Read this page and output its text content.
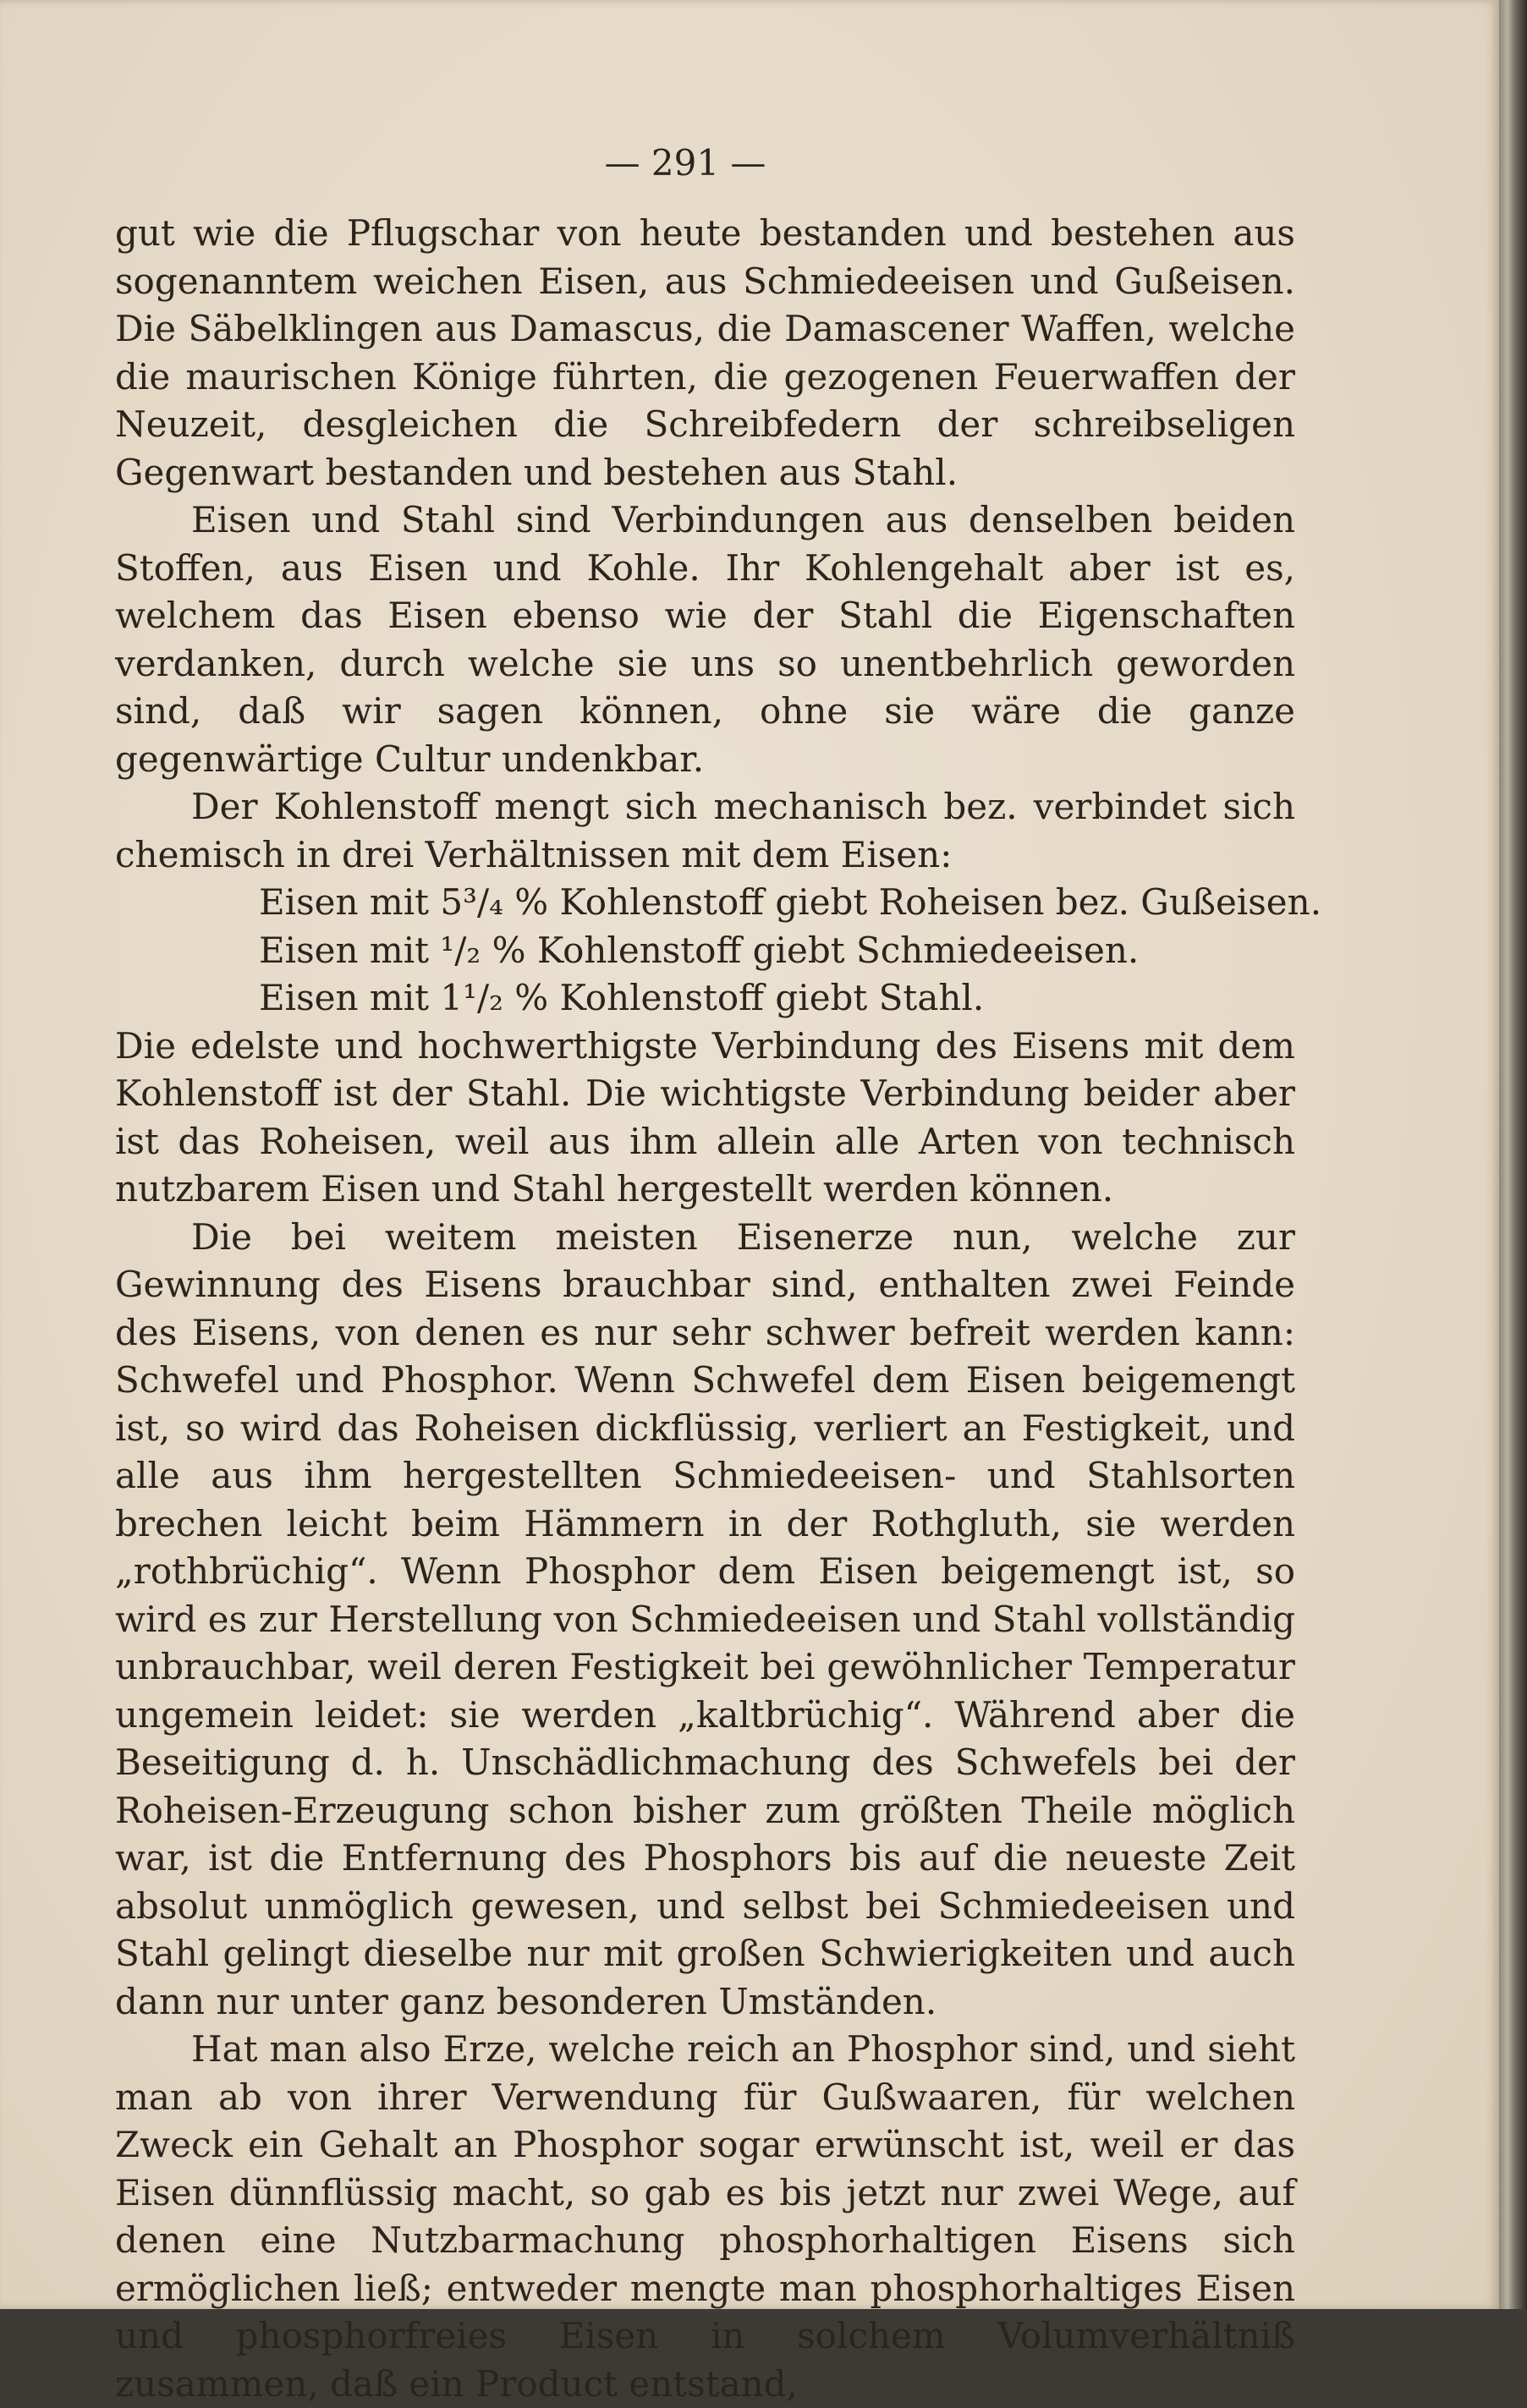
— 291 —

gut wie die Pflugschar von heute bestanden und bestehen aus sogenanntem weichen Eisen, aus Schmiedeeisen und Gußeisen. Die Säbelklingen aus Damascus, die Damascener Waffen, welche die maurischen Könige führten, die gezogenen Feuerwaffen der Neuzeit, desgleichen die Schreibfedern der schreibseligen Gegenwart bestanden und bestehen aus Stahl.

Eisen und Stahl sind Verbindungen aus denselben beiden Stoffen, aus Eisen und Kohle. Ihr Kohlengehalt aber ist es, welchem das Eisen ebenso wie der Stahl die Eigenschaften verdanken, durch welche sie uns so unentbehrlich geworden sind, daß wir sagen können, ohne sie wäre die ganze gegenwärtige Cultur undenkbar.

Der Kohlenstoff mengt sich mechanisch bez. verbindet sich chemisch in drei Verhältnissen mit dem Eisen:

Eisen mit 5³/₄ % Kohlenstoff giebt Roheisen bez. Gußeisen.

Eisen mit ¹/₂ % Kohlenstoff giebt Schmiedeeisen.

Eisen mit 1¹/₂ % Kohlenstoff giebt Stahl.

Die edelste und hochwerthigste Verbindung des Eisens mit dem Kohlenstoff ist der Stahl. Die wichtigste Verbindung beider aber ist das Roheisen, weil aus ihm allein alle Arten von technisch nutzbarem Eisen und Stahl hergestellt werden können.

Die bei weitem meisten Eisenerze nun, welche zur Gewinnung des Eisens brauchbar sind, enthalten zwei Feinde des Eisens, von denen es nur sehr schwer befreit werden kann: Schwefel und Phosphor. Wenn Schwefel dem Eisen beigemengt ist, so wird das Roheisen dickflüssig, verliert an Festigkeit, und alle aus ihm hergestellten Schmiedeeisen- und Stahlsorten brechen leicht beim Hämmern in der Rothgluth, sie werden „rothbrüchig“. Wenn Phosphor dem Eisen beigemengt ist, so wird es zur Herstellung von Schmiedeeisen und Stahl vollständig unbrauchbar, weil deren Festigkeit bei gewöhnlicher Temperatur ungemein leidet: sie werden „kaltbrüchig“. Während aber die Beseitigung d. h. Unschädlichmachung des Schwefels bei der Roheisen-Erzeugung schon bisher zum größten Theile möglich war, ist die Entfernung des Phosphors bis auf die neueste Zeit absolut unmöglich gewesen, und selbst bei Schmiedeeisen und Stahl gelingt dieselbe nur mit großen Schwierigkeiten und auch dann nur unter ganz besonderen Umständen.

Hat man also Erze, welche reich an Phosphor sind, und sieht man ab von ihrer Verwendung für Gußwaaren, für welchen Zweck ein Gehalt an Phosphor sogar erwünscht ist, weil er das Eisen dünnflüssig macht, so gab es bis jetzt nur zwei Wege, auf denen eine Nutzbarmachung phosphorhaltigen Eisens sich ermöglichen ließ; entweder mengte man phosphorhaltiges Eisen und phosphorfreies Eisen in solchem Volumverhältniß zusammen, daß ein Product entstand,
